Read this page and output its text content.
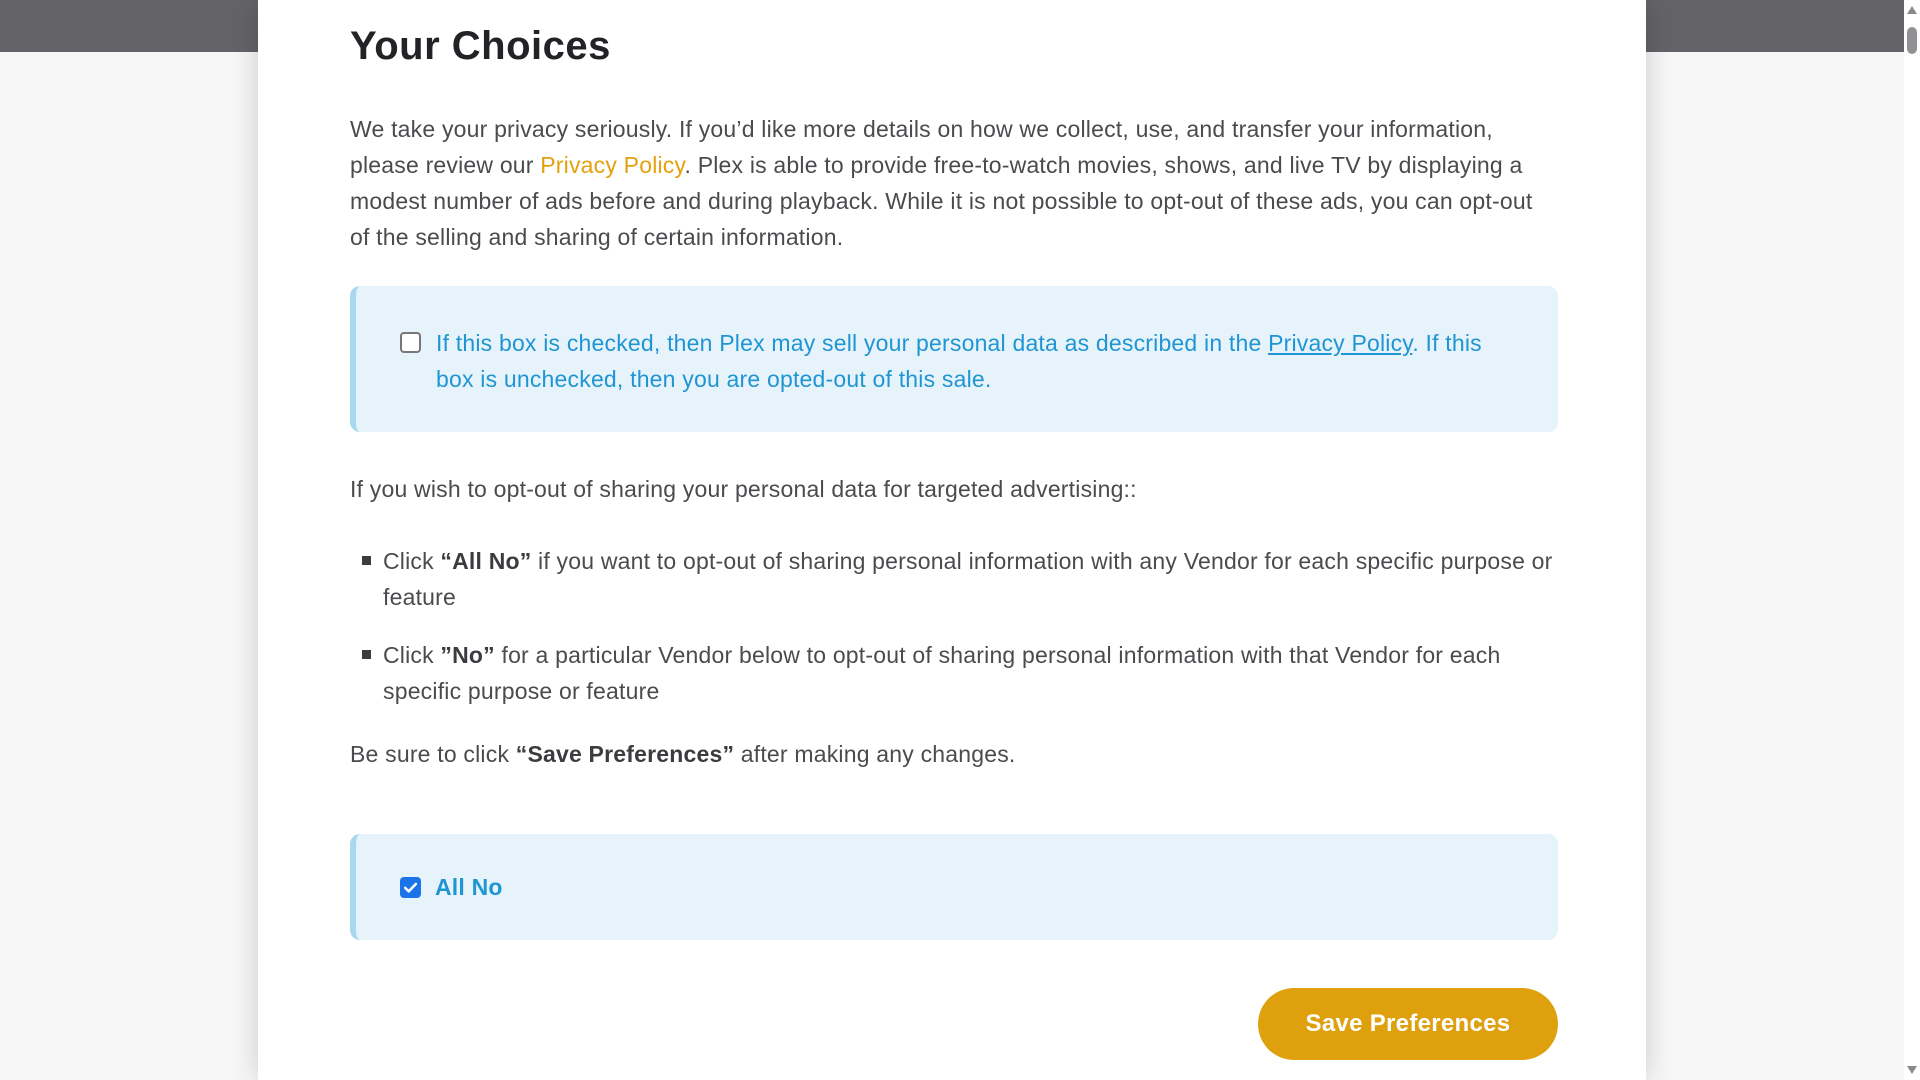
Your Choices

We take your privacy seriously. If you’d like more details on how we collect, use, and transfer your information, please review our Privacy Policy. Plex is able to provide free-to-watch movies, shows, and live TV by displaying a modest number of ads before and during playback. While it is not possible to opt-out of these ads, you can opt-out of the selling and sharing of certain information.

If this box is checked, then Plex may sell your personal data as described in the Privacy Policy. If this box is unchecked, then you are opted-out of this sale.

If you wish to opt-out of sharing your personal data for targeted advertising::

Click “All No” if you want to opt-out of sharing personal information with any Vendor for each specific purpose or feature
Click ”No” for a particular Vendor below to opt-out of sharing personal information with that Vendor for each specific purpose or feature

Be sure to click “Save Preferences” after making any changes.

All No
Save Preferences
